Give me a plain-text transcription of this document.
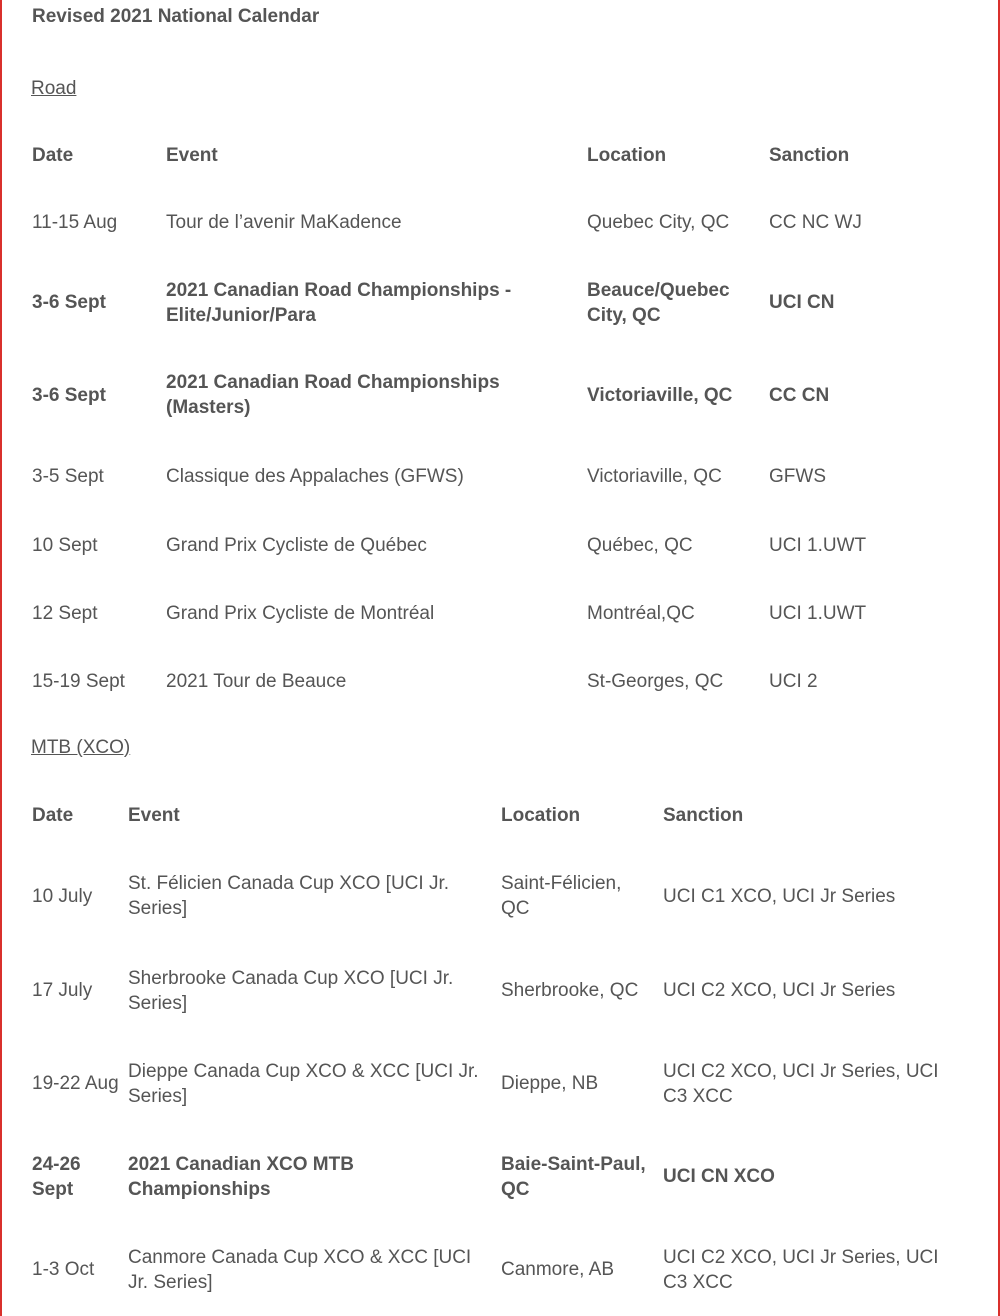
Revised 2021 National Calendar
Road
Date	Event	Location	Sanction
11-15 Aug	Tour de l’avenir MaKadence	Quebec City, QC	CC NC WJ
3-6 Sept	2021 Canadian Road Championships - Elite/Junior/Para	Beauce/Quebec City, QC	UCI CN
3-6 Sept	2021 Canadian Road Championships (Masters)	Victoriaville, QC	CC CN
3-5 Sept	Classique des Appalaches (GFWS)	Victoriaville, QC	GFWS
10 Sept	Grand Prix Cycliste de Québec	Québec, QC	UCI 1.UWT
12 Sept	Grand Prix Cycliste de Montréal	Montréal,QC	UCI 1.UWT
15-19 Sept	2021 Tour de Beauce	St-Georges, QC	UCI 2
MTB (XCO)
Date	Event	Location	Sanction
10 July	St. Félicien Canada Cup XCO [UCI Jr. Series]	Saint-Félicien, QC	UCI C1 XCO, UCI Jr Series
17 July	Sherbrooke Canada Cup XCO [UCI Jr. Series]	Sherbrooke, QC	UCI C2 XCO, UCI Jr Series
19-22 Aug	Dieppe Canada Cup XCO & XCC [UCI Jr. Series]	Dieppe, NB	UCI C2 XCO, UCI Jr Series, UCI C3 XCC
24-26 Sept	2021 Canadian XCO MTB Championships	Baie-Saint-Paul, QC	UCI CN XCO
1-3 Oct	Canmore Canada Cup XCO & XCC [UCI Jr. Series]	Canmore, AB	UCI C2 XCO, UCI Jr Series, UCI C3 XCC
